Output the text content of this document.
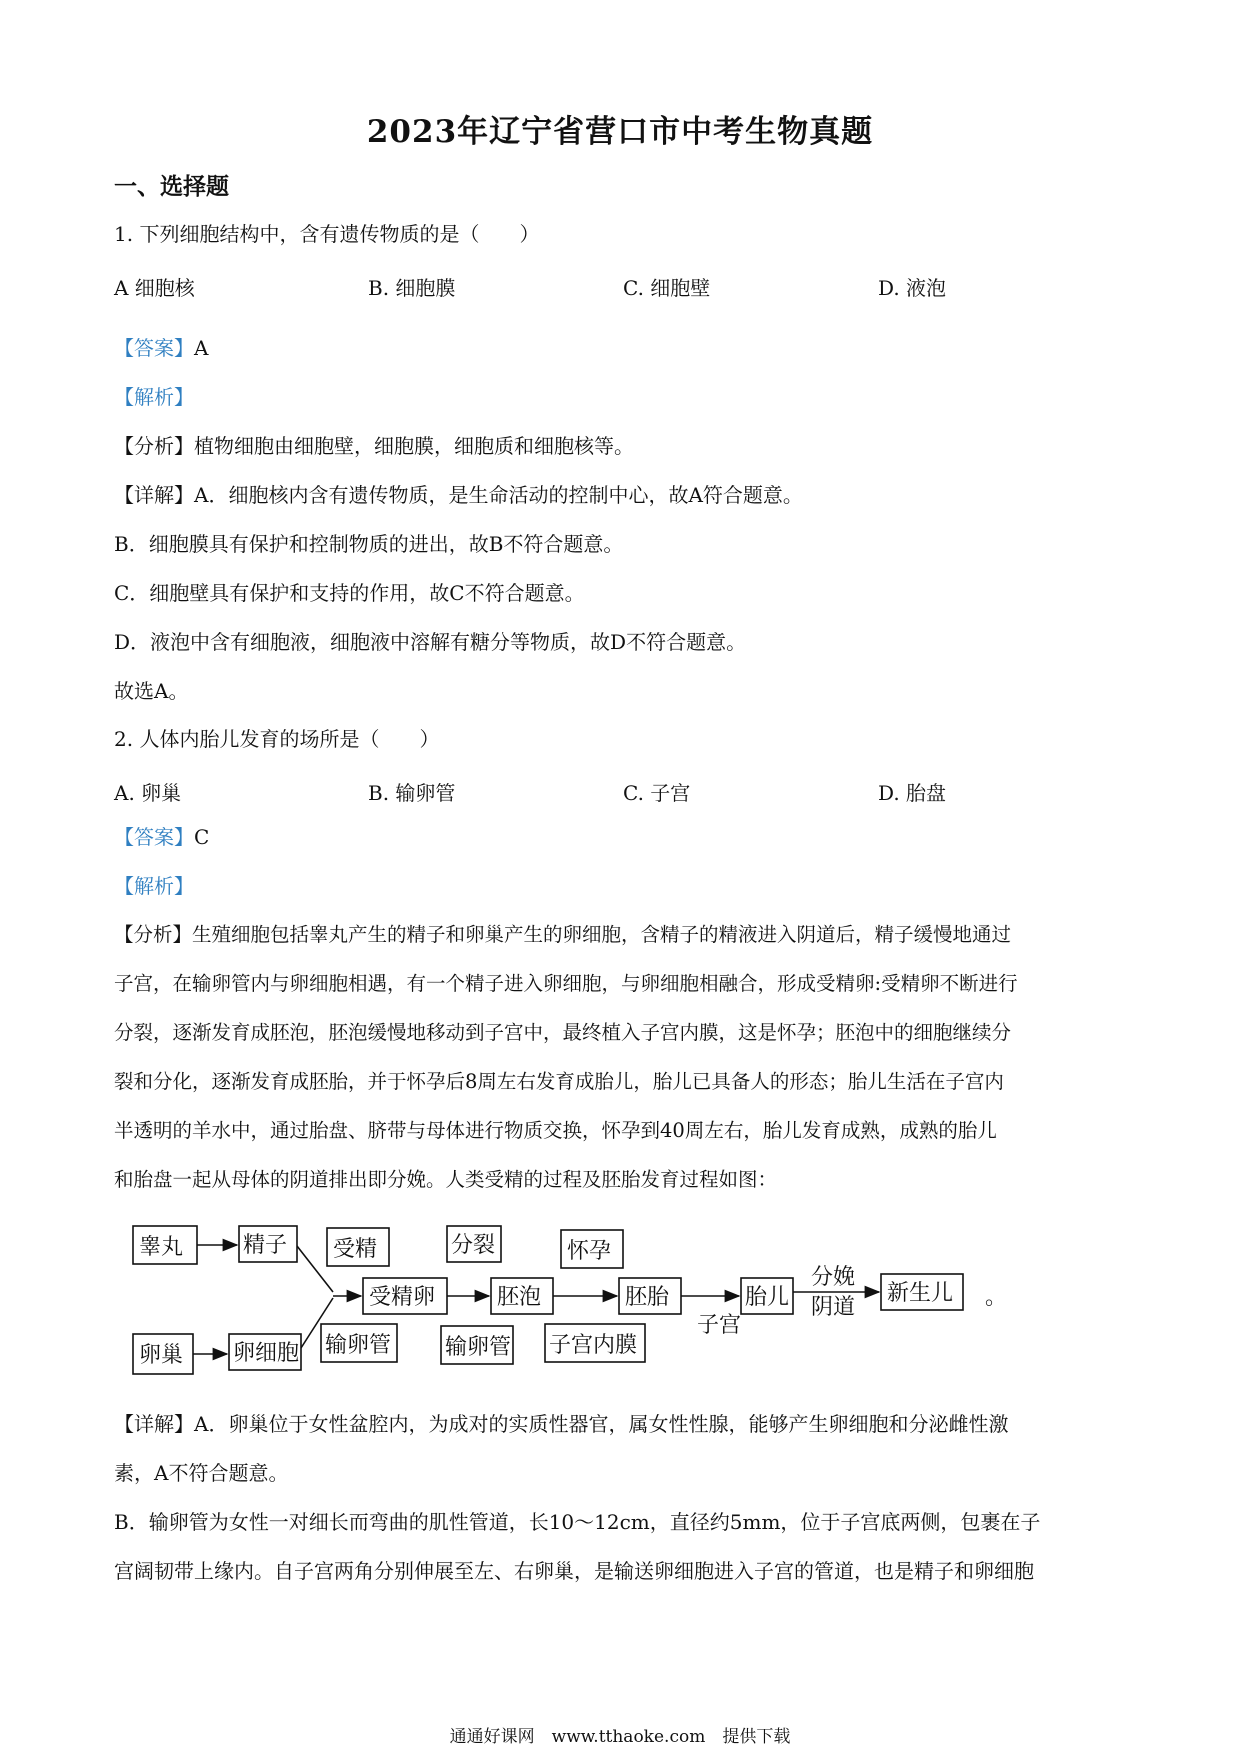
2023年辽宁省营口市中考生物真题
一、选择题
1. 下列细胞结构中，含有遗传物质的是（　　）
A 细胞核	B. 细胞膜	C. 细胞壁	D. 液泡
【答案】A
【解析】
【分析】植物细胞由细胞壁，细胞膜，细胞质和细胞核等。
【详解】A．细胞核内含有遗传物质，是生命活动的控制中心，故A符合题意。
B．细胞膜具有保护和控制物质的进出，故B不符合题意。
C．细胞壁具有保护和支持的作用，故C不符合题意。
D．液泡中含有细胞液，细胞液中溶解有糖分等物质，故D不符合题意。
故选A。
2. 人体内胎儿发育的场所是（　　）
A. 卵巢	B. 输卵管	C. 子宫	D. 胎盘
【答案】C
【解析】
【分析】生殖细胞包括睾丸产生的精子和卵巢产生的卵细胞，含精子的精液进入阴道后，精子缓慢地通过
子宫，在输卵管内与卵细胞相遇，有一个精子进入卵细胞，与卵细胞相融合，形成受精卵:受精卵不断进行
分裂，逐渐发育成胚泡，胚泡缓慢地移动到子宫中，最终植入子宫内膜，这是怀孕；胚泡中的细胞继续分
裂和分化，逐渐发育成胚胎，并于怀孕后8周左右发育成胎儿，胎儿已具备人的形态；胎儿生活在子宫内
半透明的羊水中，通过胎盘、脐带与母体进行物质交换，怀孕到40周左右，胎儿发育成熟，成熟的胎儿
和胎盘一起从母体的阴道排出即分娩。人类受精的过程及胚胎发育过程如图：
睾丸	精子 受精	分裂	怀孕
受精卵	胚泡	胚胎	胎儿
分娩
阴道
新生儿 。
卵巢 卵细胞 输卵管 输卵管 子宫内膜
子宫
【详解】A．卵巢位于女性盆腔内，为成对的实质性器官，属女性性腺，能够产生卵细胞和分泌雌性激
素，A不符合题意。
B．输卵管为女性一对细长而弯曲的肌性管道，长10～12cm，直径约5mm，位于子宫底两侧，包裹在子
宫阔韧带上缘内。自子宫两角分别伸展至左、右卵巢，是输送卵细胞进入子宫的管道，也是精子和卵细胞
通通好课网　www.tthaoke.com　提供下载
